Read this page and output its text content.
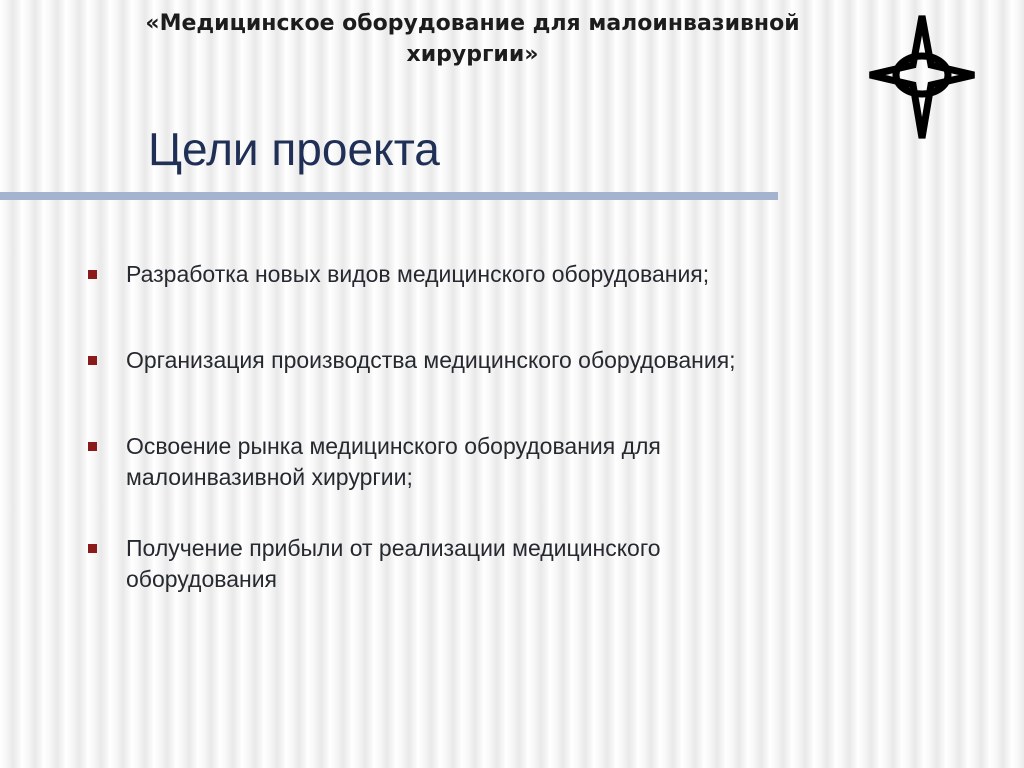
«Медицинское оборудование для малоинвазивной
хирургии»
Цели проекта
Разработка новых видов медицинского оборудования;
Организация производства медицинского оборудования;
Освоение рынка медицинского оборудования для
малоинвазивной хирургии;
Получение прибыли от реализации медицинского
оборудования
